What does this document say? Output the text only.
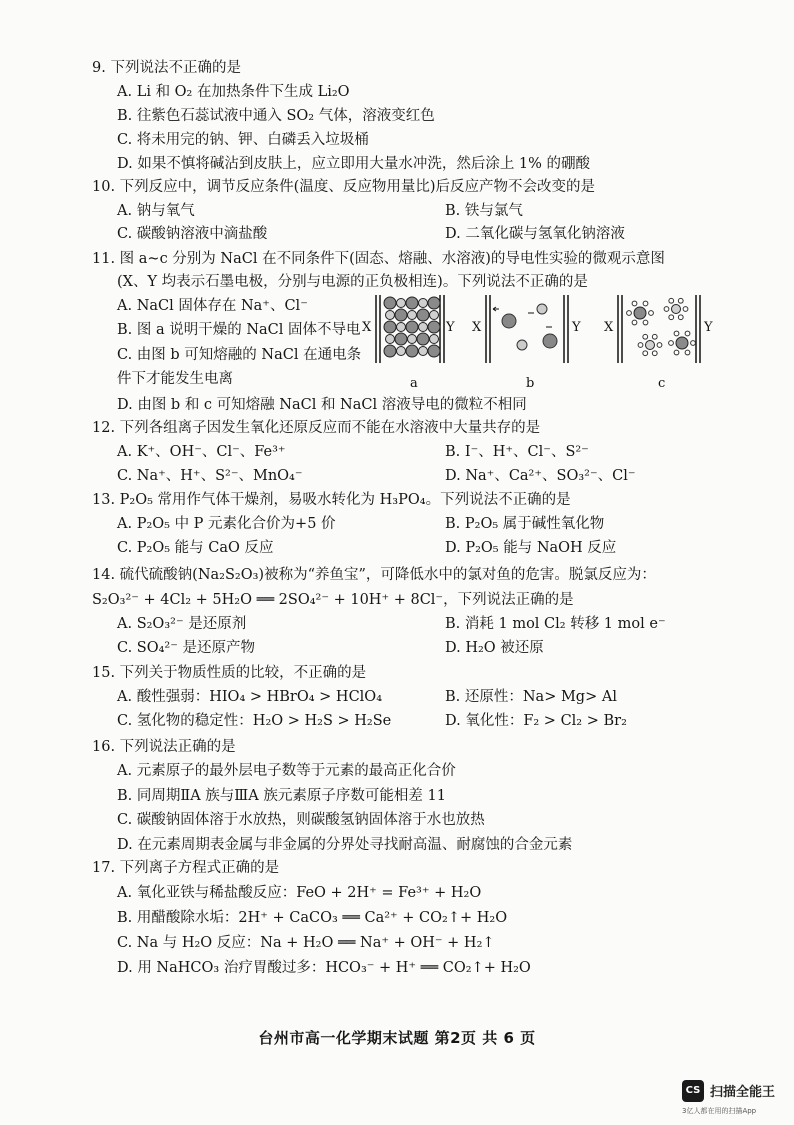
9. 下列说法不正确的是
A. Li 和 O₂ 在加热条件下生成 Li₂O
B. 往紫色石蕊试液中通入 SO₂ 气体，溶液变红色
C. 将未用完的钠、钾、白磷丢入垃圾桶
D. 如果不慎将碱沾到皮肤上，应立即用大量水冲洗，然后涂上 1% 的硼酸
10. 下列反应中，调节反应条件(温度、反应物用量比)后反应产物不会改变的是
A. 钠与氧气	B. 铁与氯气
C. 碳酸钠溶液中滴盐酸	D. 二氧化碳与氢氧化钠溶液
11. 图 a~c 分别为 NaCl 在不同条件下(固态、熔融、水溶液)的导电性实验的微观示意图
(X、Y 均表示石墨电极，分别与电源的正负极相连)。下列说法不正确的是
A. NaCl 固体存在 Na⁺、Cl⁻
B. 图 a 说明干燥的 NaCl 固体不导电
C. 由图 b 可知熔融的 NaCl 在通电条
件下才能发生电离
D. 由图 b 和 c 可知熔融 NaCl 和 NaCl 溶液导电的微粒不相同
12. 下列各组离子因发生氧化还原反应而不能在水溶液中大量共存的是
A. K⁺、OH⁻、Cl⁻、Fe³⁺	B. I⁻、H⁺、Cl⁻、S²⁻
C. Na⁺、H⁺、S²⁻、MnO₄⁻	D. Na⁺、Ca²⁺、SO₃²⁻、Cl⁻
13. P₂O₅ 常用作气体干燥剂，易吸水转化为 H₃PO₄。下列说法不正确的是
A. P₂O₅ 中 P 元素化合价为+5 价	B. P₂O₅ 属于碱性氧化物
C. P₂O₅ 能与 CaO 反应	D. P₂O₅ 能与 NaOH 反应
14. 硫代硫酸钠(Na₂S₂O₃)被称为“养鱼宝”，可降低水中的氯对鱼的危害。脱氯反应为：
S₂O₃²⁻ + 4Cl₂ + 5H₂O ══ 2SO₄²⁻ + 10H⁺ + 8Cl⁻，下列说法正确的是
A. S₂O₃²⁻ 是还原剂	B. 消耗 1 mol Cl₂ 转移 1 mol e⁻
C. SO₄²⁻ 是还原产物	D. H₂O 被还原
15. 下列关于物质性质的比较，不正确的是
A. 酸性强弱：HIO₄ > HBrO₄ > HClO₄	B. 还原性：Na> Mg> Al
C. 氢化物的稳定性：H₂O > H₂S > H₂Se	D. 氧化性：F₂ > Cl₂ > Br₂
16. 下列说法正确的是
A. 元素原子的最外层电子数等于元素的最高正化合价
B. 同周期ⅡA 族与ⅢA 族元素原子序数可能相差 11
C. 碳酸钠固体溶于水放热，则碳酸氢钠固体溶于水也放热
D. 在元素周期表金属与非金属的分界处寻找耐高温、耐腐蚀的合金元素
17. 下列离子方程式正确的是
A. 氧化亚铁与稀盐酸反应：FeO + 2H⁺ = Fe³⁺ + H₂O
B. 用醋酸除水垢：2H⁺ + CaCO₃ ══ Ca²⁺ + CO₂↑+ H₂O
C. Na 与 H₂O 反应：Na + H₂O ══ Na⁺ + OH⁻ + H₂↑
D. 用 NaHCO₃ 治疗胃酸过多：HCO₃⁻ + H⁺ ══ CO₂↑+ H₂O
X	Y
a
X	Y
b
X	Y
c
台州市高一化学期末试题 第2页 共 6 页
CS 扫描全能王
3亿人都在用的扫描App
